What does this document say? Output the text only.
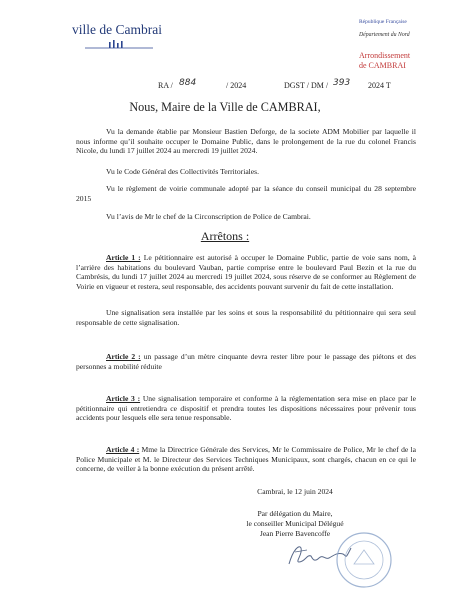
ville de Cambrai	République Française
Département du Nord
Arrondissement
de CAMBRAI
RA / 884	/ 2024	DGST / DM / 393 2024 T
Nous, Maire de la Ville de CAMBRAI,

Vu la demande établie par Monsieur Bastien Deforge, de la societe ADM Mobilier par laquelle il nous informe qu’il souhaite occuper le Domaine Public, dans le prolongement de la rue du colonel Francis Nicole, du lundi 17 juillet 2024 au mercredi 19 juillet 2024.

Vu le Code Général des Collectivités Territoriales.

Vu le règlement de voirie communale adopté par la séance du conseil municipal du 28 septembre 2015

Vu l’avis de Mr le chef de la Circonscription de Police de Cambrai.

Arrêtons :

Article 1 : Le pétitionnaire est autorisé à occuper le Domaine Public, partie de voie sans nom, à l’arrière des habitations du boulevard Vauban, partie comprise entre le boulevard Paul Bezin et la rue du Cambrésis, du lundi 17 juillet 2024 au mercredi 19 juillet 2024, sous réserve de se conformer au Règlement de Voirie en vigueur et restera, seul responsable, des accidents pouvant survenir du fait de cette installation.

Une signalisation sera installée par les soins et sous la responsabilité du pétitionnaire qui sera seul responsable de cette signalisation.

Article 2 : un passage d’un mètre cinquante devra rester libre pour le passage des piétons et des personnes a mobilité réduite

Article 3 : Une signalisation temporaire et conforme à la réglementation sera mise en place par le pétitionnaire qui entretiendra ce dispositif et prendra toutes les dispositions nécessaires pour prévenir tous accidents pour lesquels elle sera tenue responsable.

Article 4 : Mme la Directrice Générale des Services, Mr le Commissaire de Police, Mr le chef de la Police Municipale et M. le Directeur des Services Techniques Municipaux, sont chargés, chacun en ce qui le concerne, de veiller à la bonne exécution du présent arrêté.

Cambrai, le 12 juin 2024
Par délégation du Maire,
le conseiller Municipal Délégué
Jean Pierre Bavencoffe
